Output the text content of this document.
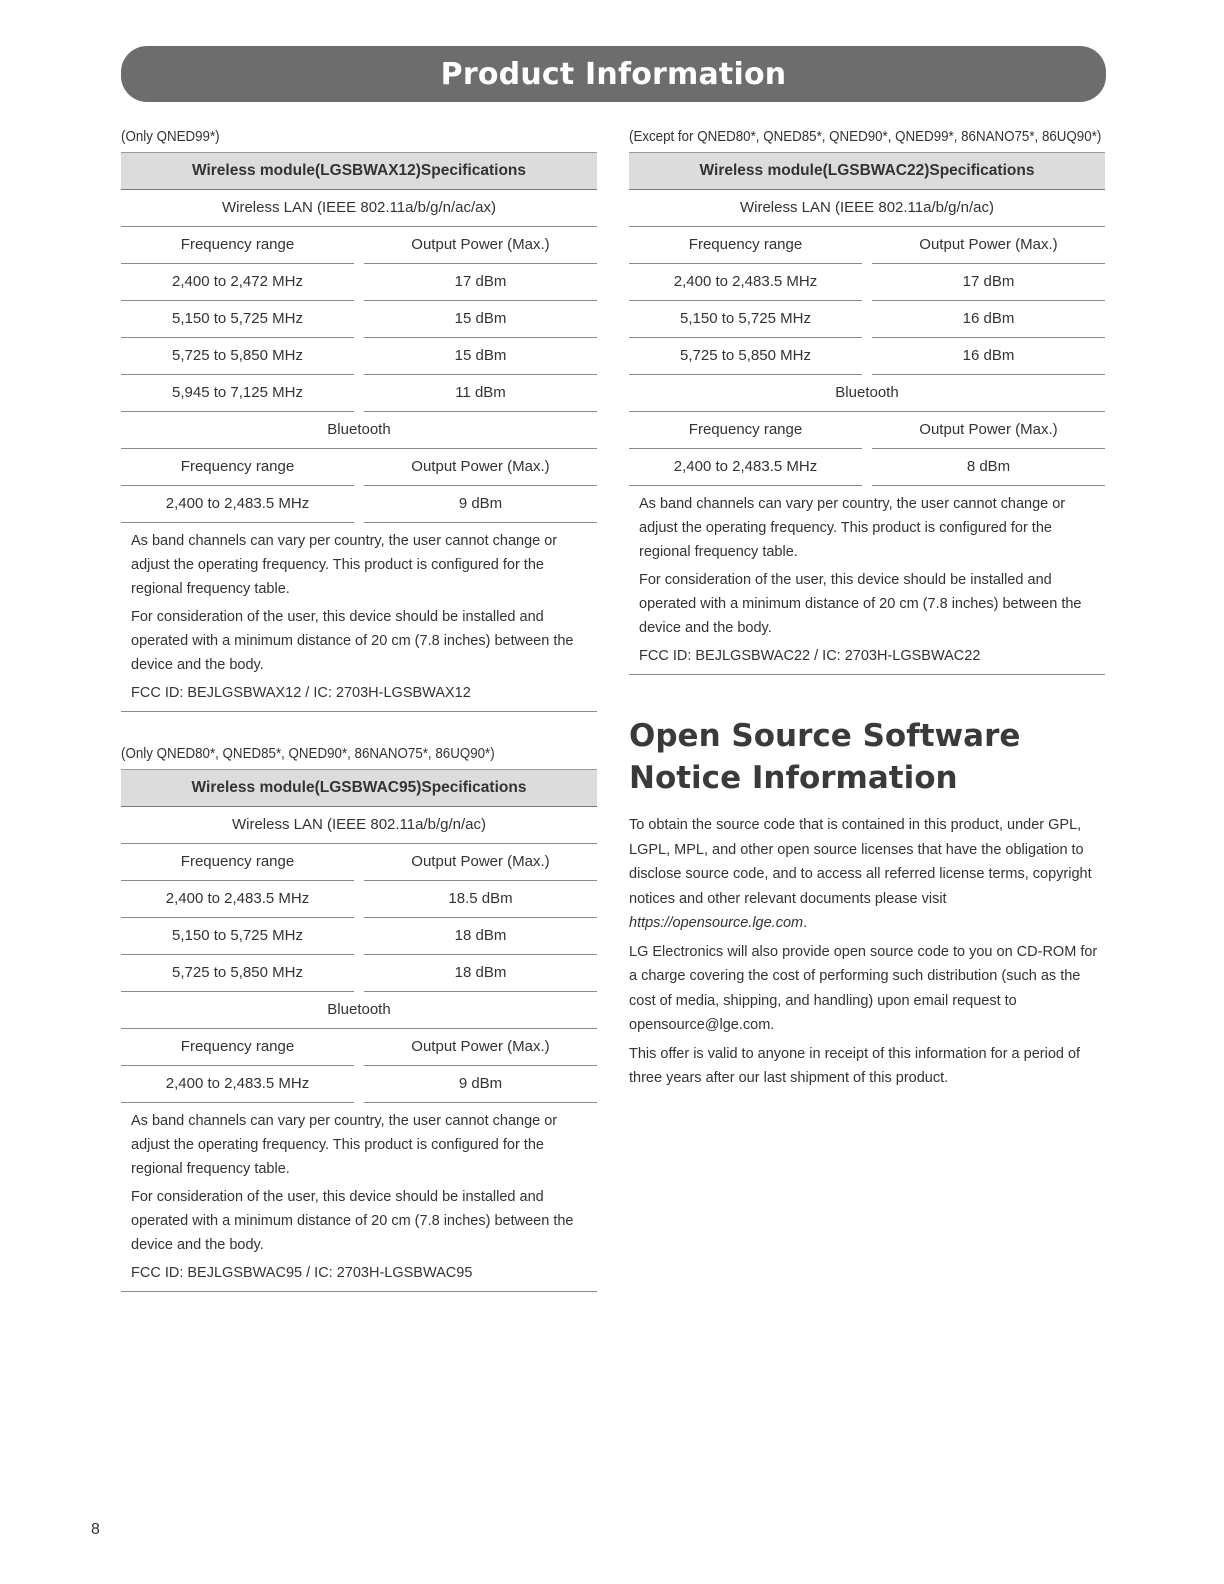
Product Information
(Only QNED99*)
Wireless module(LGSBWAX12)Specifications
Wireless LAN (IEEE 802.11a/b/g/n/ac/ax)
Frequency range	Output Power (Max.)
2,400 to 2,472 MHz	17 dBm
5,150 to 5,725 MHz	15 dBm
5,725 to 5,850 MHz	15 dBm
5,945 to 7,125 MHz	11 dBm
Bluetooth
Frequency range	Output Power (Max.)
2,400 to 2,483.5 MHz	9 dBm

As band channels can vary per country, the user cannot change or adjust the operating frequency. This product is configured for the regional frequency table.

For consideration of the user, this device should be installed and operated with a minimum distance of 20 cm (7.8 inches) between the device and the body.

FCC ID: BEJLGSBWAX12 / IC: 2703H-LGSBWAX12
(Only QNED80*, QNED85*, QNED90*, 86NANO75*, 86UQ90*)
Wireless module(LGSBWAC95)Specifications
Wireless LAN (IEEE 802.11a/b/g/n/ac)
Frequency range	Output Power (Max.)
2,400 to 2,483.5 MHz	18.5 dBm
5,150 to 5,725 MHz	18 dBm
5,725 to 5,850 MHz	18 dBm
Bluetooth
Frequency range	Output Power (Max.)
2,400 to 2,483.5 MHz	9 dBm

As band channels can vary per country, the user cannot change or adjust the operating frequency. This product is configured for the regional frequency table.

For consideration of the user, this device should be installed and operated with a minimum distance of 20 cm (7.8 inches) between the device and the body.

FCC ID: BEJLGSBWAC95 / IC: 2703H-LGSBWAC95
(Except for QNED80*, QNED85*, QNED90*, QNED99*, 86NANO75*, 86UQ90*)
Wireless module(LGSBWAC22)Specifications
Wireless LAN (IEEE 802.11a/b/g/n/ac)
Frequency range	Output Power (Max.)
2,400 to 2,483.5 MHz	17 dBm
5,150 to 5,725 MHz	16 dBm
5,725 to 5,850 MHz	16 dBm
Bluetooth
Frequency range	Output Power (Max.)
2,400 to 2,483.5 MHz	8 dBm

As band channels can vary per country, the user cannot change or adjust the operating frequency. This product is configured for the regional frequency table.

For consideration of the user, this device should be installed and operated with a minimum distance of 20 cm (7.8 inches) between the device and the body.

FCC ID: BEJLGSBWAC22 / IC: 2703H-LGSBWAC22
Open Source Software Notice Information

To obtain the source code that is contained in this product, under GPL, LGPL, MPL, and other open source licenses that have the obligation to disclose source code, and to access all referred license terms, copyright notices and other relevant documents please visit https://opensource.lge.com.

LG Electronics will also provide open source code to you on CD-ROM for a charge covering the cost of performing such distribution (such as the cost of media, shipping, and handling) upon email request to opensource@lge.com.

This offer is valid to anyone in receipt of this information for a period of three years after our last shipment of this product.

8
